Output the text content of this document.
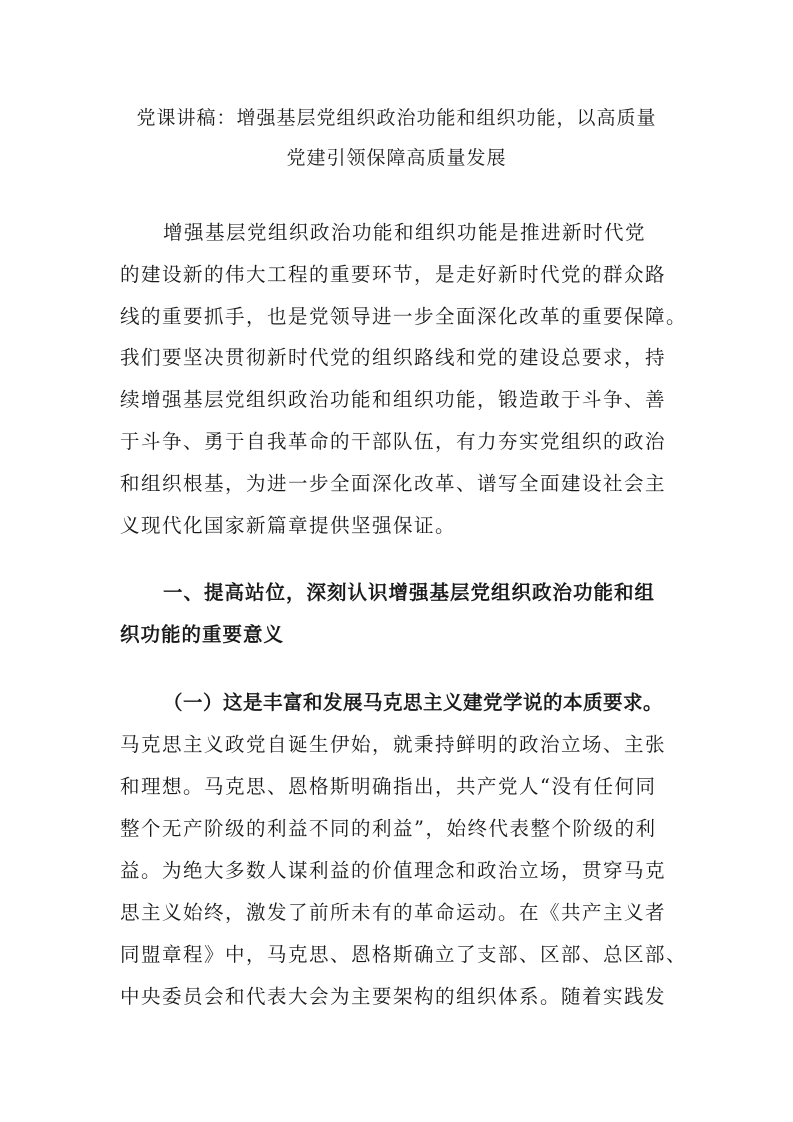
党课讲稿：增强基层党组织政治功能和组织功能，以高质量
党建引领保障高质量发展
增强基层党组织政治功能和组织功能是推进新时代党
的建设新的伟大工程的重要环节，是走好新时代党的群众路
线的重要抓手，也是党领导进一步全面深化改革的重要保障。
我们要坚决贯彻新时代党的组织路线和党的建设总要求，持
续增强基层党组织政治功能和组织功能，锻造敢于斗争、善
于斗争、勇于自我革命的干部队伍，有力夯实党组织的政治
和组织根基，为进一步全面深化改革、谱写全面建设社会主
义现代化国家新篇章提供坚强保证。
一、提高站位，深刻认识增强基层党组织政治功能和组
织功能的重要意义
（一）这是丰富和发展马克思主义建党学说的本质要求。
马克思主义政党自诞生伊始，就秉持鲜明的政治立场、主张
和理想。马克思、恩格斯明确指出，共产党人“没有任何同
整个无产阶级的利益不同的利益”，始终代表整个阶级的利
益。为绝大多数人谋利益的价值理念和政治立场，贯穿马克
思主义始终，激发了前所未有的革命运动。在《共产主义者
同盟章程》中，马克思、恩格斯确立了支部、区部、总区部、
中央委员会和代表大会为主要架构的组织体系。随着实践发
